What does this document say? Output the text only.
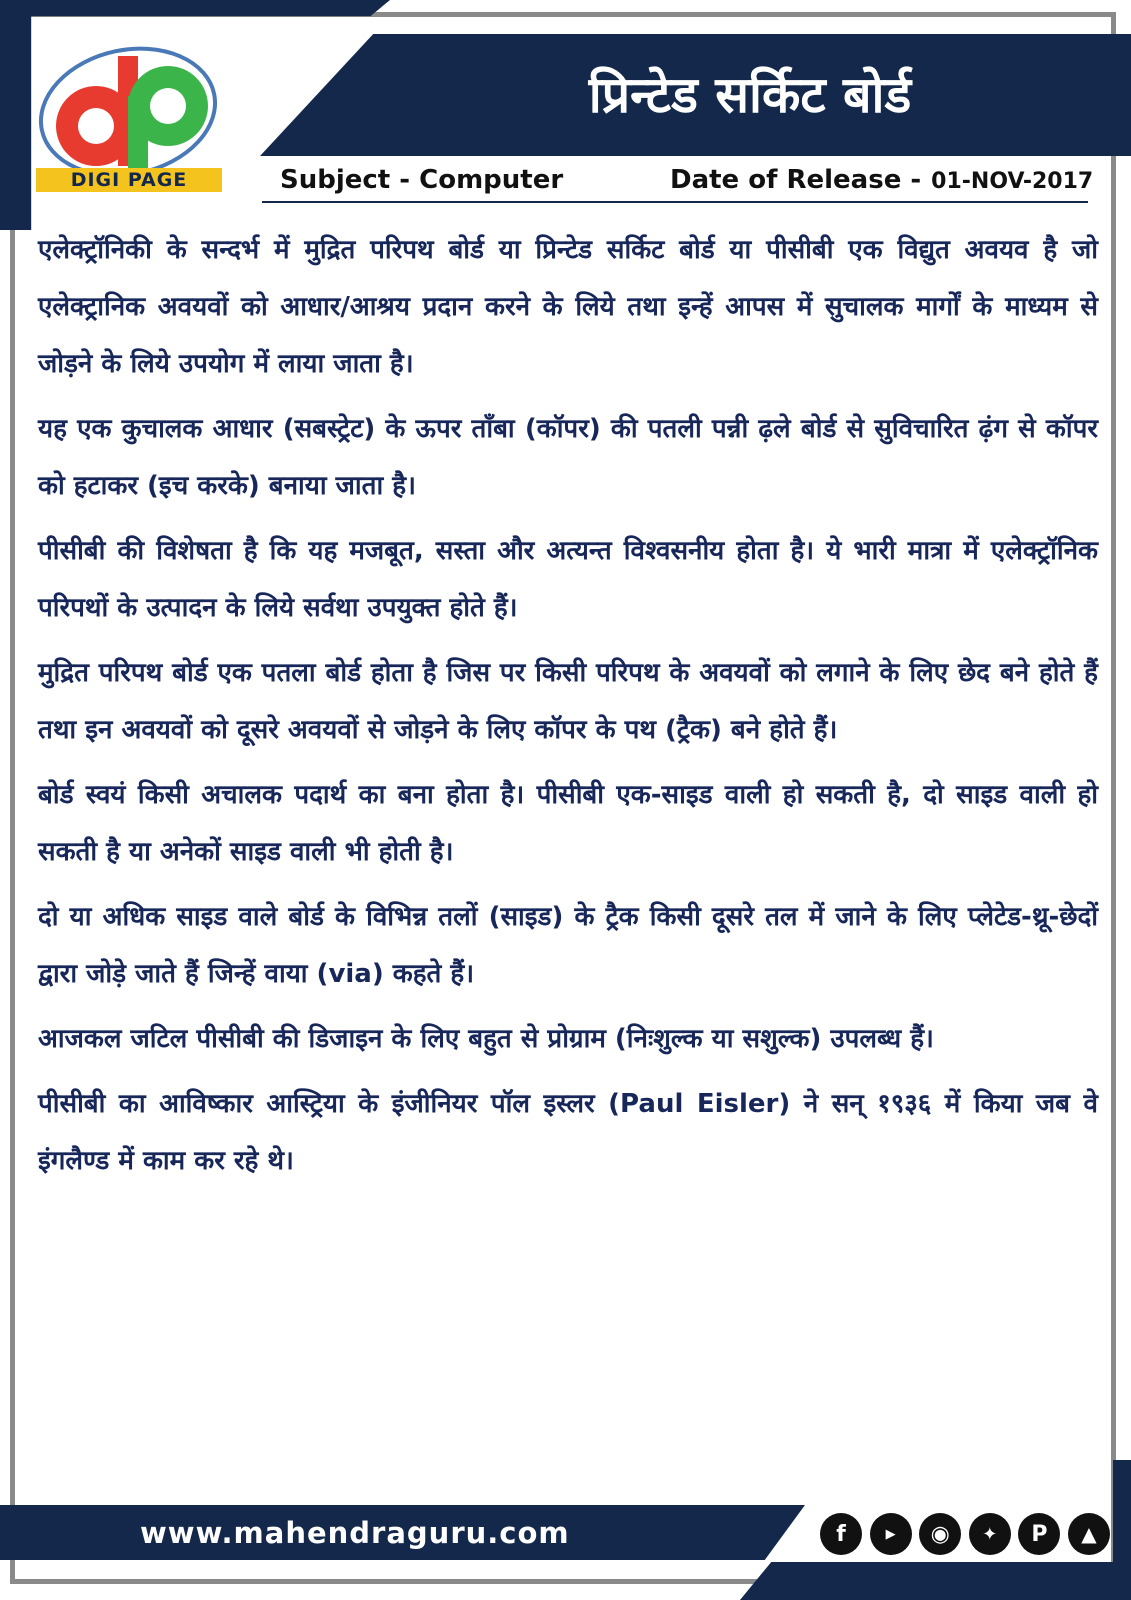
प्रिन्टेड सर्किट बोर्ड
DIGI PAGE	Subject - Computer	Date of Release - 01-NOV-2017

एलेक्ट्रॉनिकी के सन्दर्भ में मुद्रित परिपथ बोर्ड या प्रिन्टेड सर्किट बोर्ड या पीसीबी एक विद्युत अवयव है जो एलेक्ट्रानिक अवयवों को आधार/आश्रय प्रदान करने के लिये तथा इन्हें आपस में सुचालक मार्गों के माध्यम से जोड़ने के लिये उपयोग में लाया जाता है।

यह एक कुचालक आधार (सबस्ट्रेट) के ऊपर ताँबा (कॉपर) की पतली पन्नी ढ़ले बोर्ड से सुविचारित ढ़ंग से कॉपर को हटाकर (इच करके) बनाया जाता है।

पीसीबी की विशेषता है कि यह मजबूत, सस्ता और अत्यन्त विश्वसनीय होता है। ये भारी मात्रा में एलेक्ट्रॉनिक परिपथों के उत्पादन के लिये सर्वथा उपयुक्त होते हैं।

मुद्रित परिपथ बोर्ड एक पतला बोर्ड होता है जिस पर किसी परिपथ के अवयवों को लगाने के लिए छेद बने होते हैं तथा इन अवयवों को दूसरे अवयवों से जोड़ने के लिए कॉपर के पथ (ट्रैक) बने होते हैं।

बोर्ड स्वयं किसी अचालक पदार्थ का बना होता है। पीसीबी एक-साइड वाली हो सकती है, दो साइड वाली हो सकती है या अनेकों साइड वाली भी होती है।

दो या अधिक साइड वाले बोर्ड के विभिन्न तलों (साइड) के ट्रैक किसी दूसरे तल में जाने के लिए प्लेटेड-थ्रू-छेदों द्वारा जोड़े जाते हैं जिन्हें वाया (via) कहते हैं।

आजकल जटिल पीसीबी की डिजाइन के लिए बहुत से प्रोग्राम (निःशुल्क या सशुल्क) उपलब्ध हैं।

पीसीबी का आविष्कार आस्ट्रिया के इंजीनियर पॉल इस्लर (Paul Eisler) ने सन् १९३६ में किया जब वे इंगलैण्ड में काम कर रहे थे।

www.mahendraguru.com	f	▶	◉	✦	P	▲
